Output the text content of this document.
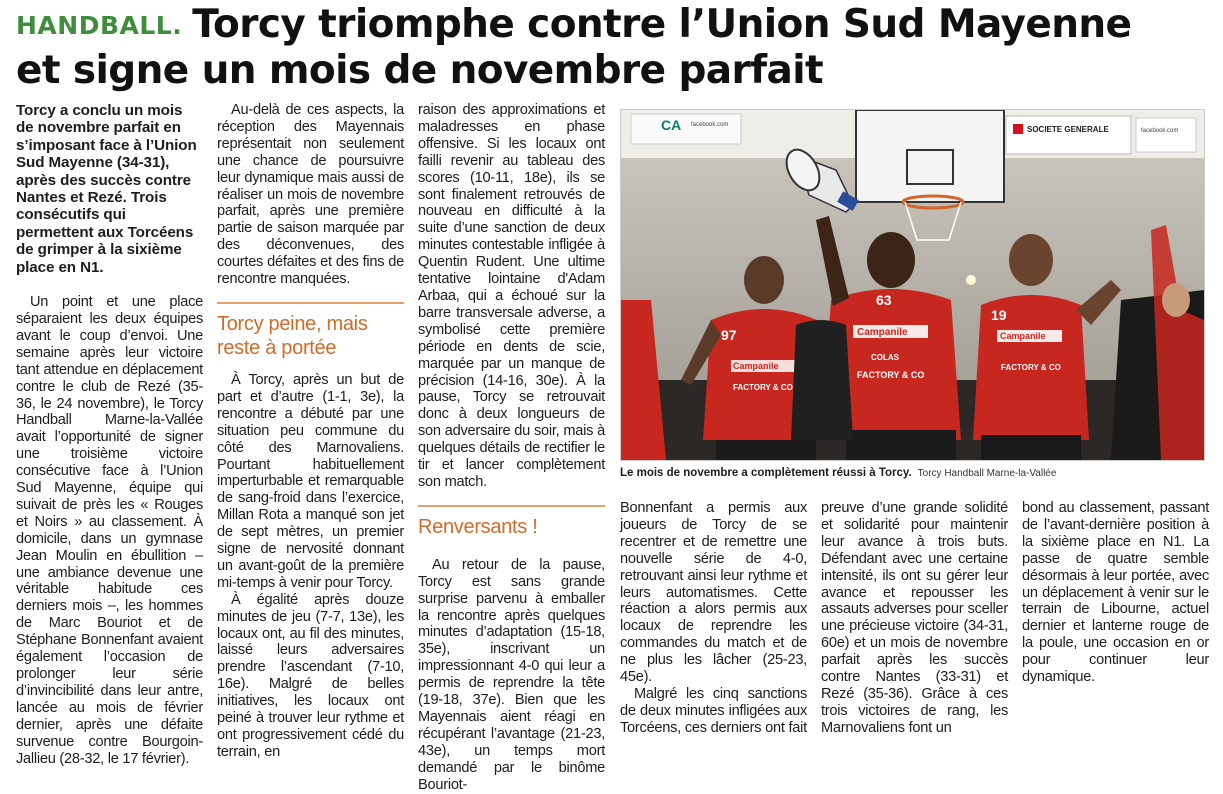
HANDBALL. Torcy triomphe contre l’Union Sud Mayenne
et signe un mois de novembre parfait

Torcy a conclu un mois de novembre parfait en s’imposant face à l’Union Sud Mayenne (34-31), après des succès contre Nantes et Rezé. Trois consécutifs qui permettent aux Torcéens de grimper à la sixième place en N1.

Un point et une place séparaient les deux équipes avant le coup d’envoi. Une semaine après leur victoire tant attendue en déplacement contre le club de Rezé (35-36, le 24 novembre), le Torcy Handball Marne-la-Vallée avait l’opportunité de signer une troisième victoire consécutive face à l’Union Sud Mayenne, équipe qui suivait de près les « Rouges et Noirs » au classement. À domicile, dans un gymnase Jean Moulin en ébullition – une ambiance devenue une véritable habitude ces derniers mois –, les hommes de Marc Bouriot et de Stéphane Bonnenfant avaient également l’occasion de prolonger leur série d’invincibilité dans leur antre, lancée au mois de février dernier, après une défaite survenue contre Bourgoin-Jallieu (28-32, le 17 février).

Au-delà de ces aspects, la réception des Mayennais représentait non seulement une chance de poursuivre leur dynamique mais aussi de réaliser un mois de novembre parfait, après une première partie de saison marquée par des déconvenues, des courtes défaites et des fins de rencontre manquées.

Torcy peine, mais reste à portée

À Torcy, après un but de part et d’autre (1-1, 3e), la rencontre a débuté par une situation peu commune du côté des Marnovaliens. Pourtant habituellement imperturbable et remarquable de sang-froid dans l’exercice, Millan Rota a manqué son jet de sept mètres, un premier signe de nervosité donnant un avant-goût de la première mi-temps à venir pour Torcy.

À égalité après douze minutes de jeu (7-7, 13e), les locaux ont, au fil des minutes, laissé leurs adversaires prendre l’ascendant (7-10, 16e). Malgré de belles initiatives, les locaux ont peiné à trouver leur rythme et ont progressivement cédé du terrain, en

raison des approximations et maladresses en phase offensive. Si les locaux ont failli revenir au tableau des scores (10-11, 18e), ils se sont finalement retrouvés de nouveau en difficulté à la suite d’une sanction de deux minutes contestable infligée à Quentin Rudent. Une ultime tentative lointaine d'Adam Arbaa, qui a échoué sur la barre transversale adverse, a symbolisé cette première période en dents de scie, marquée par un manque de précision (14-16, 30e). À la pause, Torcy se retrouvait donc à deux longueurs de son adversaire du soir, mais à quelques détails de rectifier le tir et lancer complètement son match.

Renversants !

Au retour de la pause, Torcy est sans grande surprise parvenu à emballer la rencontre après quelques minutes d’adaptation (15-18, 35e), inscrivant un impressionnant 4-0 qui leur a permis de reprendre la tête (19-18, 37e). Bien que les Mayennais aient réagi en récupérant l’avantage (21-23, 43e), un temps mort demandé par le binôme Bouriot-

SOCIETE GENERALE
CA facebook.com
facebook.com
Campanile
FACTORY & CO
97	Campanile
63
COLAS
FACTORY & CO
Campanile
19
FACTORY & CO
Le mois de novembre a complètement réussi à Torcy. Torcy Handball Marne-la-Vallée

Bonnenfant a permis aux joueurs de Torcy de se recentrer et de remettre une nouvelle série de 4-0, retrouvant ainsi leur rythme et leurs automatismes. Cette réaction a alors permis aux locaux de reprendre les commandes du match et de ne plus les lâcher (25-23, 45e).

Malgré les cinq sanctions de deux minutes infligées aux Torcéens, ces derniers ont fait

preuve d’une grande solidité et solidarité pour maintenir leur avance à trois buts. Défendant avec une certaine intensité, ils ont su gérer leur avance et repousser les assauts adverses pour sceller une précieuse victoire (34-31, 60e) et un mois de novembre parfait après les succès contre Nantes (33-31) et Rezé (35-36). Grâce à ces trois victoires de rang, les Marnovaliens font un

bond au classement, passant de l’avant-dernière position à la sixième place en N1. La passe de quatre semble désormais à leur portée, avec un déplacement à venir sur le terrain de Libourne, actuel dernier et lanterne rouge de la poule, une occasion en or pour continuer leur dynamique.
